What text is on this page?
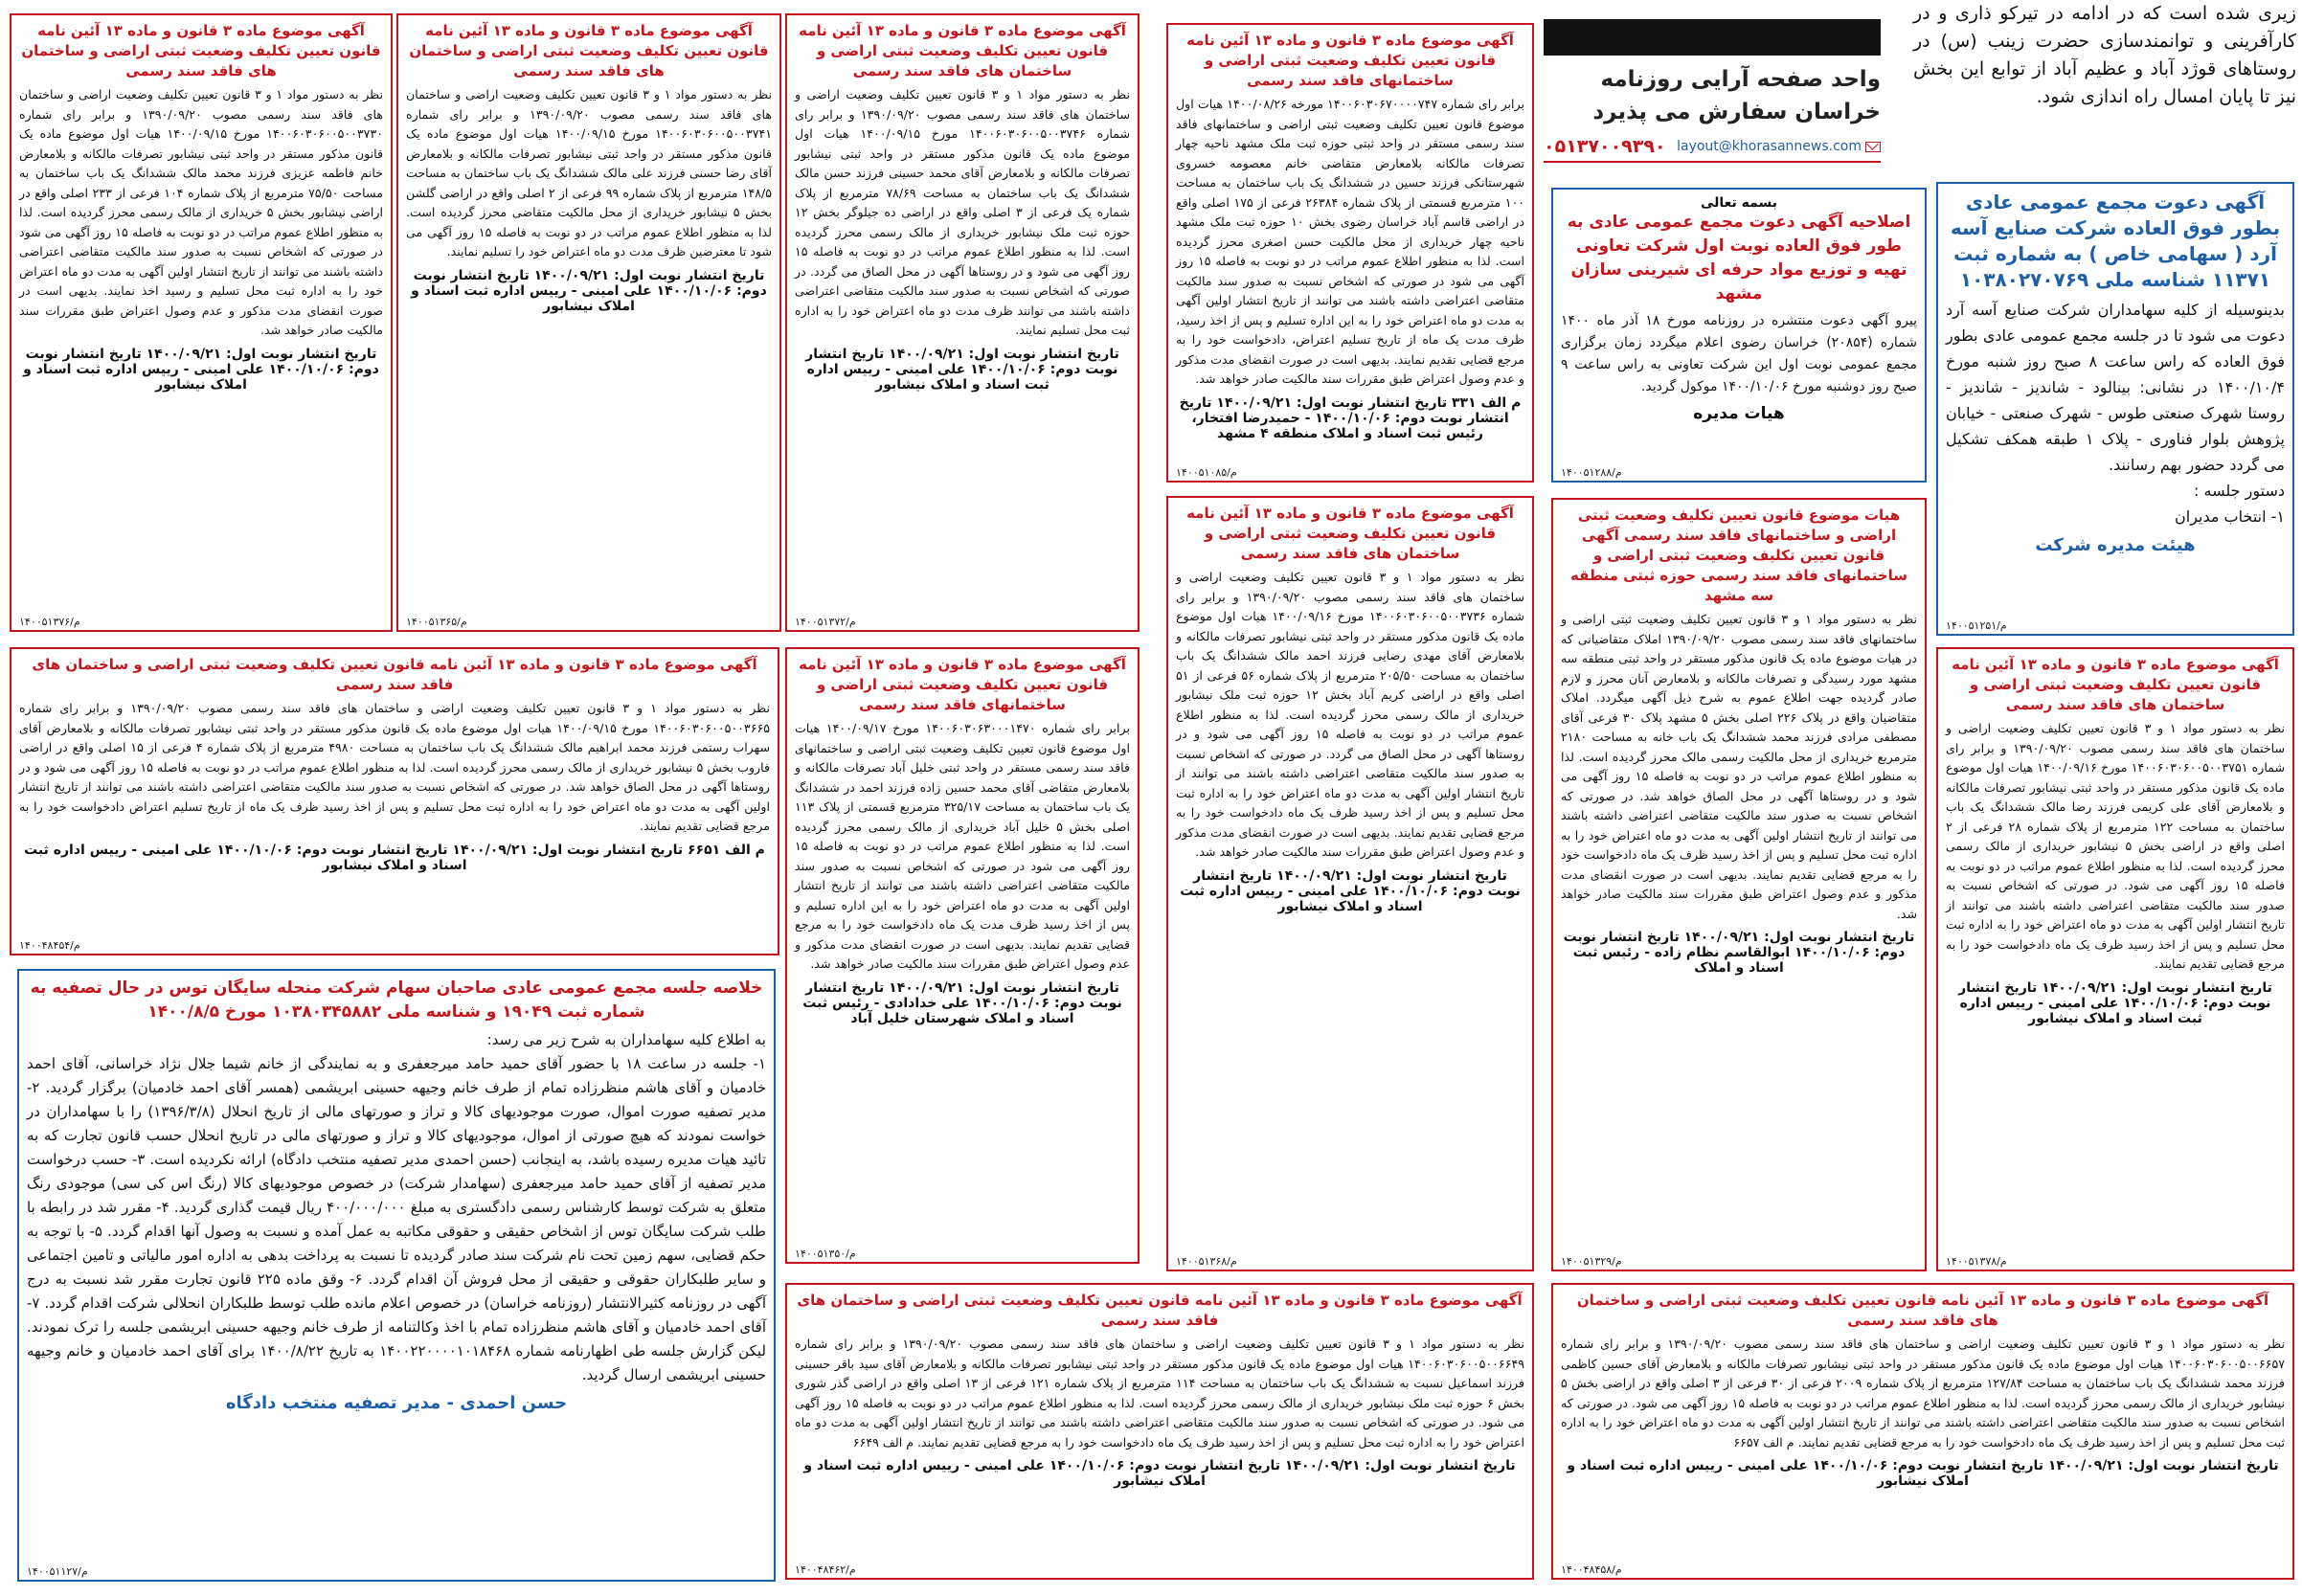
زیری شده است که در ادامه در تیرکو ذاری و در کارآفرینی و توانمندسازی حضرت زینب (س) در روستاهای قوژد آباد و عظیم آباد از توابع این بخش نیز تا پایان امسال راه اندازی شود.
واحد صفحه آرایی روزنامه خراسان سفارش می پذیرد
۰۵۱۳۷۰۰۹۳۹۰ layout@khorasannews.com
آگهی موضوع ماده ۳ قانون و ماده ۱۳ آئین نامه قانون تعیین تکلیف وضعیت ثبتی اراضی و ساختمان های فاقد سند رسمی
نظر به دستور مواد ۱ و ۳ قانون تعیین تکلیف وضعیت اراضی و ساختمان های فاقد سند رسمی مصوب ۱۳۹۰/۰۹/۲۰ و برابر رای شماره ۱۴۰۰۶۰۳۰۶۰۰۵۰۰۳۷۳۰ مورخ ۱۴۰۰/۰۹/۱۵ هیات اول موضوع ماده یک قانون مذکور مستقر در واحد ثبتی نیشابور تصرفات مالکانه و بلامعارض خانم فاطمه عزیزی فرزند محمد مالک ششدانگ یک باب ساختمان به مساحت ۷۵/۵۰ مترمربع از پلاک شماره ۱۰۴ فرعی از ۲۳۳ اصلی واقع در اراضی نیشابور بخش ۵ خریداری از مالک رسمی محرز گردیده است. لذا به منظور اطلاع عموم مراتب در دو نوبت به فاصله ۱۵ روز آگهی می شود در صورتی که اشخاص نسبت به صدور سند مالکیت متقاضی اعتراضی داشته باشند می توانند از تاریخ انتشار اولین آگهی به مدت دو ماه اعتراض خود را به اداره ثبت محل تسلیم و رسید اخذ نمایند. بدیهی است در صورت انقضای مدت مذکور و عدم وصول اعتراض طبق مقررات سند مالکیت صادر خواهد شد.
تاریخ انتشار نوبت اول: ۱۴۰۰/۰۹/۲۱ تاریخ انتشار نوبت دوم: ۱۴۰۰/۱۰/۰۶ علی امینی - رییس اداره ثبت اسناد و املاک نیشابور
۱۴۰۰۵۱۳۷۶/م
آگهی موضوع ماده ۳ قانون و ماده ۱۳ آئین نامه قانون تعیین تکلیف وضعیت ثبتی اراضی و ساختمان های فاقد سند رسمی
نظر به دستور مواد ۱ و ۳ قانون تعیین تکلیف وضعیت اراضی و ساختمان های فاقد سند رسمی مصوب ۱۳۹۰/۰۹/۲۰ و برابر رای شماره ۱۴۰۰۶۰۳۰۶۰۰۵۰۰۳۷۴۱ مورخ ۱۴۰۰/۰۹/۱۵ هیات اول موضوع ماده یک قانون مذکور مستقر در واحد ثبتی نیشابور تصرفات مالکانه و بلامعارض آقای رضا حسنی فرزند علی مالک ششدانگ یک باب ساختمان به مساحت ۱۴۸/۵ مترمربع از پلاک شماره ۹۹ فرعی از ۲ اصلی واقع در اراضی گلشن بخش ۵ نیشابور خریداری از محل مالکیت متقاضی محرز گردیده است. لذا به منظور اطلاع عموم مراتب در دو نوبت به فاصله ۱۵ روز آگهی می شود تا معترضین ظرف مدت دو ماه اعتراض خود را تسلیم نمایند.
تاریخ انتشار نوبت اول: ۱۴۰۰/۰۹/۲۱ تاریخ انتشار نوبت دوم: ۱۴۰۰/۱۰/۰۶ علی امینی - رییس اداره ثبت اسناد و املاک نیشابور
۱۴۰۰۵۱۳۶۵/م
آگهی موضوع ماده ۳ قانون و ماده ۱۳ آئین نامه قانون تعیین تکلیف وضعیت ثبتی اراضی و ساختمان های فاقد سند رسمی
نظر به دستور مواد ۱ و ۳ قانون تعیین تکلیف وضعیت اراضی و ساختمان های فاقد سند رسمی مصوب ۱۳۹۰/۰۹/۲۰ و برابر رای شماره ۱۴۰۰۶۰۳۰۶۰۰۵۰۰۳۷۴۶ مورخ ۱۴۰۰/۰۹/۱۵ هیات اول موضوع ماده یک قانون مذکور مستقر در واحد ثبتی نیشابور تصرفات مالکانه و بلامعارض آقای محمد حسینی فرزند حسن مالک ششدانگ یک باب ساختمان به مساحت ۷۸/۶۹ مترمربع از پلاک شماره یک فرعی از ۳ اصلی واقع در اراضی ده جیلوگر بخش ۱۲ حوزه ثبت ملک نیشابور خریداری از مالک رسمی محرز گردیده است. لذا به منظور اطلاع عموم مراتب در دو نوبت به فاصله ۱۵ روز آگهی می شود و در روستاها آگهی در محل الصاق می گردد. در صورتی که اشخاص نسبت به صدور سند مالکیت متقاضی اعتراضی داشته باشند می توانند ظرف مدت دو ماه اعتراض خود را به اداره ثبت محل تسلیم نمایند.
تاریخ انتشار نوبت اول: ۱۴۰۰/۰۹/۲۱ تاریخ انتشار نوبت دوم: ۱۴۰۰/۱۰/۰۶ علی امینی - رییس اداره ثبت اسناد و املاک نیشابور
۱۴۰۰۵۱۳۷۲/م
آگهی موضوع ماده ۳ قانون و ماده ۱۳ آئین نامه قانون تعیین تکلیف وضعیت ثبتی اراضی و ساختمانهای فاقد سند رسمی
برابر رای شماره ۱۴۰۰۶۰۳۰۶۷۰۰۰۰۷۴۷ مورخه ۱۴۰۰/۰۸/۲۶ هیات اول موضوع قانون تعیین تکلیف وضعیت ثبتی اراضی و ساختمانهای فاقد سند رسمی مستقر در واحد ثبتی حوزه ثبت ملک مشهد ناحیه چهار تصرفات مالکانه بلامعارض متقاضی خانم معصومه خسروی شهرستانکی فرزند حسین در ششدانگ یک باب ساختمان به مساحت ۱۰۰ مترمربع قسمتی از پلاک شماره ۲۶۳۸۴ فرعی از ۱۷۵ اصلی واقع در اراضی قاسم آباد خراسان رضوی بخش ۱۰ حوزه ثبت ملک مشهد ناحیه چهار خریداری از محل مالکیت حسن اصغری محرز گردیده است. لذا به منظور اطلاع عموم مراتب در دو نوبت به فاصله ۱۵ روز آگهی می شود در صورتی که اشخاص نسبت به صدور سند مالکیت متقاضی اعتراضی داشته باشند می توانند از تاریخ انتشار اولین آگهی به مدت دو ماه اعتراض خود را به این اداره تسلیم و پس از اخذ رسید، ظرف مدت یک ماه از تاریخ تسلیم اعتراض، دادخواست خود را به مرجع قضایی تقدیم نمایند. بدیهی است در صورت انقضای مدت مذکور و عدم وصول اعتراض طبق مقررات سند مالکیت صادر خواهد شد.
م الف ۳۳۱ تاریخ انتشار نوبت اول: ۱۴۰۰/۰۹/۲۱ تاریخ انتشار نوبت دوم: ۱۴۰۰/۱۰/۰۶ - حمیدرضا افتخار، رئیس ثبت اسناد و املاک منطقه ۴ مشهد
۱۴۰۰۵۱۰۸۵/م
آگهی دعوت مجمع عمومی عادی بطور فوق العاده شرکت صنایع آسه آرد ( سهامی خاص ) به شماره ثبت ۱۱۳۷۱ شناسه ملی ۱۰۳۸۰۲۷۰۷۶۹
بدینوسیله از کلیه سهامداران شرکت صنایع آسه آرد دعوت می شود تا در جلسه مجمع عمومی عادی بطور فوق العاده که راس ساعت ۸ صبح روز شنبه مورخ ۱۴۰۰/۱۰/۴ در نشانی: بینالود - شاندیز - شاندیز - روستا شهرک صنعتی طوس - شهرک صنعتی - خیابان پژوهش بلوار فناوری - پلاک ۱ طبقه همکف تشکیل می گردد حضور بهم رسانند.
دستور جلسه :
۱- انتخاب مدیران
هیئت مدیره شرکت
۱۴۰۰۵۱۲۵۱/م
بسمه تعالی
اصلاحیه آگهی دعوت مجمع عمومی عادی به طور فوق العاده نوبت اول شرکت تعاونی تهیه و توزیع مواد حرفه ای شیرینی سازان مشهد
پیرو آگهی دعوت منتشره در روزنامه مورخ ۱۸ آذر ماه ۱۴۰۰ شماره (۲۰۸۵۴) خراسان رضوی اعلام میگردد زمان برگزاری مجمع عمومی نوبت اول این شرکت تعاونی به راس ساعت ۹ صبح روز دوشنبه مورخ ۱۴۰۰/۱۰/۰۶ موکول گردید.
هیات مدیره
۱۴۰۰۵۱۲۸۸/م
آگهی موضوع ماده ۳ قانون و ماده ۱۳ آئین نامه قانون تعیین تکلیف وضعیت ثبتی اراضی و ساختمان های فاقد سند رسمی
نظر به دستور مواد ۱ و ۳ قانون تعیین تکلیف وضعیت اراضی و ساختمان های فاقد سند رسمی مصوب ۱۳۹۰/۰۹/۲۰ و برابر رای شماره ۱۴۰۰۶۰۳۰۶۰۰۵۰۰۳۷۳۶ مورخ ۱۴۰۰/۰۹/۱۶ هیات اول موضوع ماده یک قانون مذکور مستقر در واحد ثبتی نیشابور تصرفات مالکانه و بلامعارض آقای مهدی رضایی فرزند احمد مالک ششدانگ یک باب ساختمان به مساحت ۲۰۵/۵۰ مترمربع از پلاک شماره ۵۶ فرعی از ۵۱ اصلی واقع در اراضی کریم آباد بخش ۱۲ حوزه ثبت ملک نیشابور خریداری از مالک رسمی محرز گردیده است. لذا به منظور اطلاع عموم مراتب در دو نوبت به فاصله ۱۵ روز آگهی می شود و در روستاها آگهی در محل الصاق می گردد. در صورتی که اشخاص نسبت به صدور سند مالکیت متقاضی اعتراضی داشته باشند می توانند از تاریخ انتشار اولین آگهی به مدت دو ماه اعتراض خود را به اداره ثبت محل تسلیم و پس از اخذ رسید ظرف یک ماه دادخواست خود را به مرجع قضایی تقدیم نمایند. بدیهی است در صورت انقضای مدت مذکور و عدم وصول اعتراض طبق مقررات سند مالکیت صادر خواهد شد.
تاریخ انتشار نوبت اول: ۱۴۰۰/۰۹/۲۱ تاریخ انتشار نوبت دوم: ۱۴۰۰/۱۰/۰۶ علی امینی - رییس اداره ثبت اسناد و املاک نیشابور
۱۴۰۰۵۱۳۶۸/م
هیات موضوع قانون تعیین تکلیف وضعیت ثبتی اراضی و ساختمانهای فاقد سند رسمی آگهی قانون تعیین تکلیف وضعیت ثبتی اراضی و ساختمانهای فاقد سند رسمی حوزه ثبتی منطقه سه مشهد
نظر به دستور مواد ۱ و ۳ قانون تعیین تکلیف وضعیت ثبتی اراضی و ساختمانهای فاقد سند رسمی مصوب ۱۳۹۰/۰۹/۲۰ املاک متقاضیانی که در هیات موضوع ماده یک قانون مذکور مستقر در واحد ثبتی منطقه سه مشهد مورد رسیدگی و تصرفات مالکانه و بلامعارض آنان محرز و لازم صادر گردیده جهت اطلاع عموم به شرح ذیل آگهی میگردد. املاک متقاضیان واقع در پلاک ۲۲۶ اصلی بخش ۵ مشهد پلاک ۳۰ فرعی آقای مصطفی مرادی فرزند محمد ششدانگ یک باب خانه به مساحت ۲۱۸۰ مترمربع خریداری از محل مالکیت رسمی مالک محرز گردیده است. لذا به منظور اطلاع عموم مراتب در دو نوبت به فاصله ۱۵ روز آگهی می شود و در روستاها آگهی در محل الصاق خواهد شد. در صورتی که اشخاص نسبت به صدور سند مالکیت متقاضی اعتراضی داشته باشند می توانند از تاریخ انتشار اولین آگهی به مدت دو ماه اعتراض خود را به اداره ثبت محل تسلیم و پس از اخذ رسید ظرف یک ماه دادخواست خود را به مرجع قضایی تقدیم نمایند. بدیهی است در صورت انقضای مدت مذکور و عدم وصول اعتراض طبق مقررات سند مالکیت صادر خواهد شد.
تاریخ انتشار نوبت اول: ۱۴۰۰/۰۹/۲۱ تاریخ انتشار نوبت دوم: ۱۴۰۰/۱۰/۰۶ ابوالقاسم نظام زاده - رئیس ثبت اسناد و املاک
۱۴۰۰۵۱۳۲۹/م
آگهی موضوع ماده ۳ قانون و ماده ۱۳ آئین نامه قانون تعیین تکلیف وضعیت ثبتی اراضی و ساختمان های فاقد سند رسمی
نظر به دستور مواد ۱ و ۳ قانون تعیین تکلیف وضعیت اراضی و ساختمان های فاقد سند رسمی مصوب ۱۳۹۰/۰۹/۲۰ و برابر رای شماره ۱۴۰۰۶۰۳۰۶۰۰۵۰۰۳۷۵۱ مورخ ۱۴۰۰/۰۹/۱۶ هیات اول موضوع ماده یک قانون مذکور مستقر در واحد ثبتی نیشابور تصرفات مالکانه و بلامعارض آقای علی کریمی فرزند رضا مالک ششدانگ یک باب ساختمان به مساحت ۱۲۲ مترمربع از پلاک شماره ۲۸ فرعی از ۲ اصلی واقع در اراضی بخش ۵ نیشابور خریداری از مالک رسمی محرز گردیده است. لذا به منظور اطلاع عموم مراتب در دو نوبت به فاصله ۱۵ روز آگهی می شود. در صورتی که اشخاص نسبت به صدور سند مالکیت متقاضی اعتراضی داشته باشند می توانند از تاریخ انتشار اولین آگهی به مدت دو ماه اعتراض خود را به اداره ثبت محل تسلیم و پس از اخذ رسید ظرف یک ماه دادخواست خود را به مرجع قضایی تقدیم نمایند.
تاریخ انتشار نوبت اول: ۱۴۰۰/۰۹/۲۱ تاریخ انتشار نوبت دوم: ۱۴۰۰/۱۰/۰۶ علی امینی - رییس اداره ثبت اسناد و املاک نیشابور
۱۴۰۰۵۱۳۷۸/م
آگهی موضوع ماده ۳ قانون و ماده ۱۳ آئین نامه قانون تعیین تکلیف وضعیت ثبتی اراضی و ساختمان های فاقد سند رسمی
نظر به دستور مواد ۱ و ۳ قانون تعیین تکلیف وضعیت اراضی و ساختمان های فاقد سند رسمی مصوب ۱۳۹۰/۰۹/۲۰ و برابر رای شماره ۱۴۰۰۶۰۳۰۶۰۰۵۰۰۳۶۶۵ مورخ ۱۴۰۰/۰۹/۱۵ هیات اول موضوع ماده یک قانون مذکور مستقر در واحد ثبتی نیشابور تصرفات مالکانه و بلامعارض آقای سهراب رستمی فرزند محمد ابراهیم مالک ششدانگ یک باب ساختمان به مساحت ۴۹۸۰ مترمربع از پلاک شماره ۴ فرعی از ۱۵ اصلی واقع در اراضی فاروب بخش ۵ نیشابور خریداری از مالک رسمی محرز گردیده است. لذا به منظور اطلاع عموم مراتب در دو نوبت به فاصله ۱۵ روز آگهی می شود و در روستاها آگهی در محل الصاق خواهد شد. در صورتی که اشخاص نسبت به صدور سند مالکیت متقاضی اعتراضی داشته باشند می توانند از تاریخ انتشار اولین آگهی به مدت دو ماه اعتراض خود را به اداره ثبت محل تسلیم و پس از اخذ رسید ظرف یک ماه از تاریخ تسلیم اعتراض دادخواست خود را به مرجع قضایی تقدیم نمایند.
م الف ۶۶۵۱ تاریخ انتشار نوبت اول: ۱۴۰۰/۰۹/۲۱ تاریخ انتشار نوبت دوم: ۱۴۰۰/۱۰/۰۶ علی امینی - رییس اداره ثبت اسناد و املاک نیشابور
۱۴۰۰۴۸۴۵۴/م
آگهی موضوع ماده ۳ قانون و ماده ۱۳ آئین نامه قانون تعیین تکلیف وضعیت ثبتی اراضی و ساختمانهای فاقد سند رسمی
برابر رای شماره ۱۴۰۰۶۰۳۰۶۳۰۰۰۱۴۷۰ مورخ ۱۴۰۰/۰۹/۱۷ هیات اول موضوع قانون تعیین تکلیف وضعیت ثبتی اراضی و ساختمانهای فاقد سند رسمی مستقر در واحد ثبتی خلیل آباد تصرفات مالکانه و بلامعارض متقاضی آقای محمد حسین زاده فرزند احمد در ششدانگ یک باب ساختمان به مساحت ۳۲۵/۱۷ مترمربع قسمتی از پلاک ۱۱۳ اصلی بخش ۵ خلیل آباد خریداری از مالک رسمی محرز گردیده است. لذا به منظور اطلاع عموم مراتب در دو نوبت به فاصله ۱۵ روز آگهی می شود در صورتی که اشخاص نسبت به صدور سند مالکیت متقاضی اعتراضی داشته باشند می توانند از تاریخ انتشار اولین آگهی به مدت دو ماه اعتراض خود را به این اداره تسلیم و پس از اخذ رسید ظرف مدت یک ماه دادخواست خود را به مرجع قضایی تقدیم نمایند. بدیهی است در صورت انقضای مدت مذکور و عدم وصول اعتراض طبق مقررات سند مالکیت صادر خواهد شد.
تاریخ انتشار نوبت اول: ۱۴۰۰/۰۹/۲۱ تاریخ انتشار نوبت دوم: ۱۴۰۰/۱۰/۰۶ علی خدادادی - رئیس ثبت اسناد و املاک شهرستان خلیل آباد
۱۴۰۰۵۱۳۵۰/م
خلاصه جلسه مجمع عمومی عادی صاحبان سهام شرکت منحله سایگان توس در حال تصفیه به شماره ثبت ۱۹۰۴۹ و شناسه ملی ۱۰۳۸۰۳۴۵۸۸۲ مورخ ۱۴۰۰/۸/۵
به اطلاع کلیه سهامداران به شرح زیر می رسد:
۱- جلسه در ساعت ۱۸ با حضور آقای حمید حامد میرجعفری و به نمایندگی از خانم شیما جلال نژاد خراسانی، آقای احمد خادمیان و آقای هاشم منظرزاده تمام از طرف خانم وجیهه حسینی ابریشمی (همسر آقای احمد خادمیان) برگزار گردید. ۲- مدیر تصفیه صورت اموال، صورت موجودیهای کالا و تراز و صورتهای مالی از تاریخ انحلال (۱۳۹۶/۳/۸) را با سهامداران در خواست نمودند که هیچ صورتی از اموال، موجودیهای کالا و تراز و صورتهای مالی در تاریخ انحلال حسب قانون تجارت که به تائید هیات مدیره رسیده باشد، به اینجانب (حسن احمدی مدیر تصفیه منتخب دادگاه) ارائه نکردیده است. ۳- حسب درخواست مدیر تصفیه از آقای حمید حامد میرجعفری (سهامدار شرکت) در خصوص موجودیهای کالا (رنگ اس کی سی) موجودی رنگ متعلق به شرکت توسط کارشناس رسمی دادگستری به مبلغ ۴۰۰/۰۰۰/۰۰۰ ریال قیمت گذاری گردید. ۴- مقرر شد در رابطه با طلب شرکت سایگان توس از اشخاص حقیقی و حقوقی مکاتبه به عمل آمده و نسبت به وصول آنها اقدام گردد. ۵- با توجه به حکم قضایی، سهم زمین تحت نام شرکت سند صادر گردیده تا نسبت به پرداخت بدهی به اداره امور مالیاتی و تامین اجتماعی و سایر طلبکاران حقوقی و حقیقی از محل فروش آن اقدام گردد. ۶- وقق ماده ۲۲۵ قانون تجارت مقرر شد نسبت به درج آگهی در روزنامه کثیرالانتشار (روزنامه خراسان) در خصوص اعلام مانده طلب توسط طلبکاران انحلالی شرکت اقدام گردد. ۷- آقای احمد خادمیان و آقای هاشم منظرزاده تمام با اخذ وکالتنامه از طرف خانم وجیهه حسینی ابریشمی جلسه را ترک نمودند. لیکن گزارش جلسه طی اظهارنامه شماره ۱۴۰۰۲۲۰۰۰۰۱۰۱۸۴۶۸ به تاریخ ۱۴۰۰/۸/۲۲ برای آقای احمد خادمیان و خانم وجیهه حسینی ابریشمی ارسال گردید.
حسن احمدی - مدیر تصفیه منتخب دادگاه
۱۴۰۰۵۱۱۲۷/م
آگهی موضوع ماده ۳ قانون و ماده ۱۳ آئین نامه قانون تعیین تکلیف وضعیت ثبتی اراضی و ساختمان های فاقد سند رسمی
نظر به دستور مواد ۱ و ۳ قانون تعیین تکلیف وضعیت اراضی و ساختمان های فاقد سند رسمی مصوب ۱۳۹۰/۰۹/۲۰ و برابر رای شماره ۱۴۰۰۶۰۳۰۶۰۰۵۰۰۶۶۴۹ هیات اول موضوع ماده یک قانون مذکور مستقر در واحد ثبتی نیشابور تصرفات مالکانه و بلامعارض آقای سید باقر حسینی فرزند اسماعیل نسبت به ششدانگ یک باب ساختمان به مساحت ۱۱۴ مترمربع از پلاک شماره ۱۲۱ فرعی از ۱۳ اصلی واقع در اراضی گذر شوری بخش ۶ حوزه ثبت ملک نیشابور خریداری از مالک رسمی محرز گردیده است. لذا به منظور اطلاع عموم مراتب در دو نوبت به فاصله ۱۵ روز آگهی می شود. در صورتی که اشخاص نسبت به صدور سند مالکیت متقاضی اعتراضی داشته باشند می توانند از تاریخ انتشار اولین آگهی به مدت دو ماه اعتراض خود را به اداره ثبت محل تسلیم و پس از اخذ رسید ظرف یک ماه دادخواست خود را به مرجع قضایی تقدیم نمایند. م الف ۶۶۴۹
تاریخ انتشار نوبت اول: ۱۴۰۰/۰۹/۲۱ تاریخ انتشار نوبت دوم: ۱۴۰۰/۱۰/۰۶ علی امینی - رییس اداره ثبت اسناد و املاک نیشابور
۱۴۰۰۴۸۴۶۲/م
آگهی موضوع ماده ۳ قانون و ماده ۱۳ آئین نامه قانون تعیین تکلیف وضعیت ثبتی اراضی و ساختمان های فاقد سند رسمی
نظر به دستور مواد ۱ و ۳ قانون تعیین تکلیف وضعیت اراضی و ساختمان های فاقد سند رسمی مصوب ۱۳۹۰/۰۹/۲۰ و برابر رای شماره ۱۴۰۰۶۰۳۰۶۰۰۵۰۰۶۶۵۷ هیات اول موضوع ماده یک قانون مذکور مستقر در واحد ثبتی نیشابور تصرفات مالکانه و بلامعارض آقای حسین کاظمی فرزند محمد ششدانگ یک باب ساختمان به مساحت ۱۲۷/۸۴ مترمربع از پلاک شماره ۲۰۰۹ فرعی از ۳۰ فرعی از ۳ اصلی واقع در اراضی بخش ۵ نیشابور خریداری از مالک رسمی محرز گردیده است. لذا به منظور اطلاع عموم مراتب در دو نوبت به فاصله ۱۵ روز آگهی می شود. در صورتی که اشخاص نسبت به صدور سند مالکیت متقاضی اعتراضی داشته باشند می توانند از تاریخ انتشار اولین آگهی به مدت دو ماه اعتراض خود را به اداره ثبت محل تسلیم و پس از اخذ رسید ظرف یک ماه دادخواست خود را به مرجع قضایی تقدیم نمایند. م الف ۶۶۵۷
تاریخ انتشار نوبت اول: ۱۴۰۰/۰۹/۲۱ تاریخ انتشار نوبت دوم: ۱۴۰۰/۱۰/۰۶ علی امینی - رییس اداره ثبت اسناد و املاک نیشابور
۱۴۰۰۴۸۴۵۸/م
